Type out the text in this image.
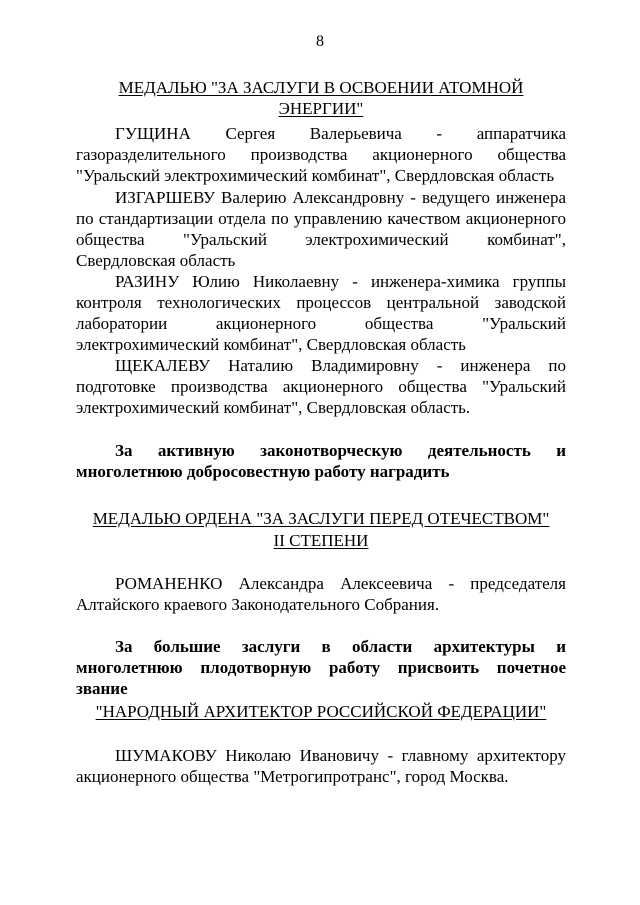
8
МЕДАЛЬЮ "ЗА ЗАСЛУГИ В ОСВОЕНИИ АТОМНОЙ ЭНЕРГИИ"
ГУЩИНА Сергея Валерьевича - аппаратчика газоразделительного производства акционерного общества "Уральский электрохимический комбинат", Свердловская область
ИЗГАРШЕВУ Валерию Александровну - ведущего инженера по стандартизации отдела по управлению качеством акционерного общества "Уральский электрохимический комбинат", Свердловская область
РАЗИНУ Юлию Николаевну - инженера-химика группы контроля технологических процессов центральной заводской лаборатории акционерного общества "Уральский электрохимический комбинат", Свердловская область
ЩЕКАЛЕВУ Наталию Владимировну - инженера по подготовке производства акционерного общества "Уральский электрохимический комбинат", Свердловская область.
За активную законотворческую деятельность и многолетнюю добросовестную работу наградить
МЕДАЛЬЮ ОРДЕНА "ЗА ЗАСЛУГИ ПЕРЕД ОТЕЧЕСТВОМ"
II СТЕПЕНИ
РОМАНЕНКО Александра Алексеевича - председателя Алтайского краевого Законодательного Собрания.
За большие заслуги в области архитектуры и многолетнюю плодотворную работу присвоить почетное звание
"НАРОДНЫЙ АРХИТЕКТОР РОССИЙСКОЙ ФЕДЕРАЦИИ"
ШУМАКОВУ Николаю Ивановичу - главному архитектору акционерного общества "Метрогипротранс", город Москва.
